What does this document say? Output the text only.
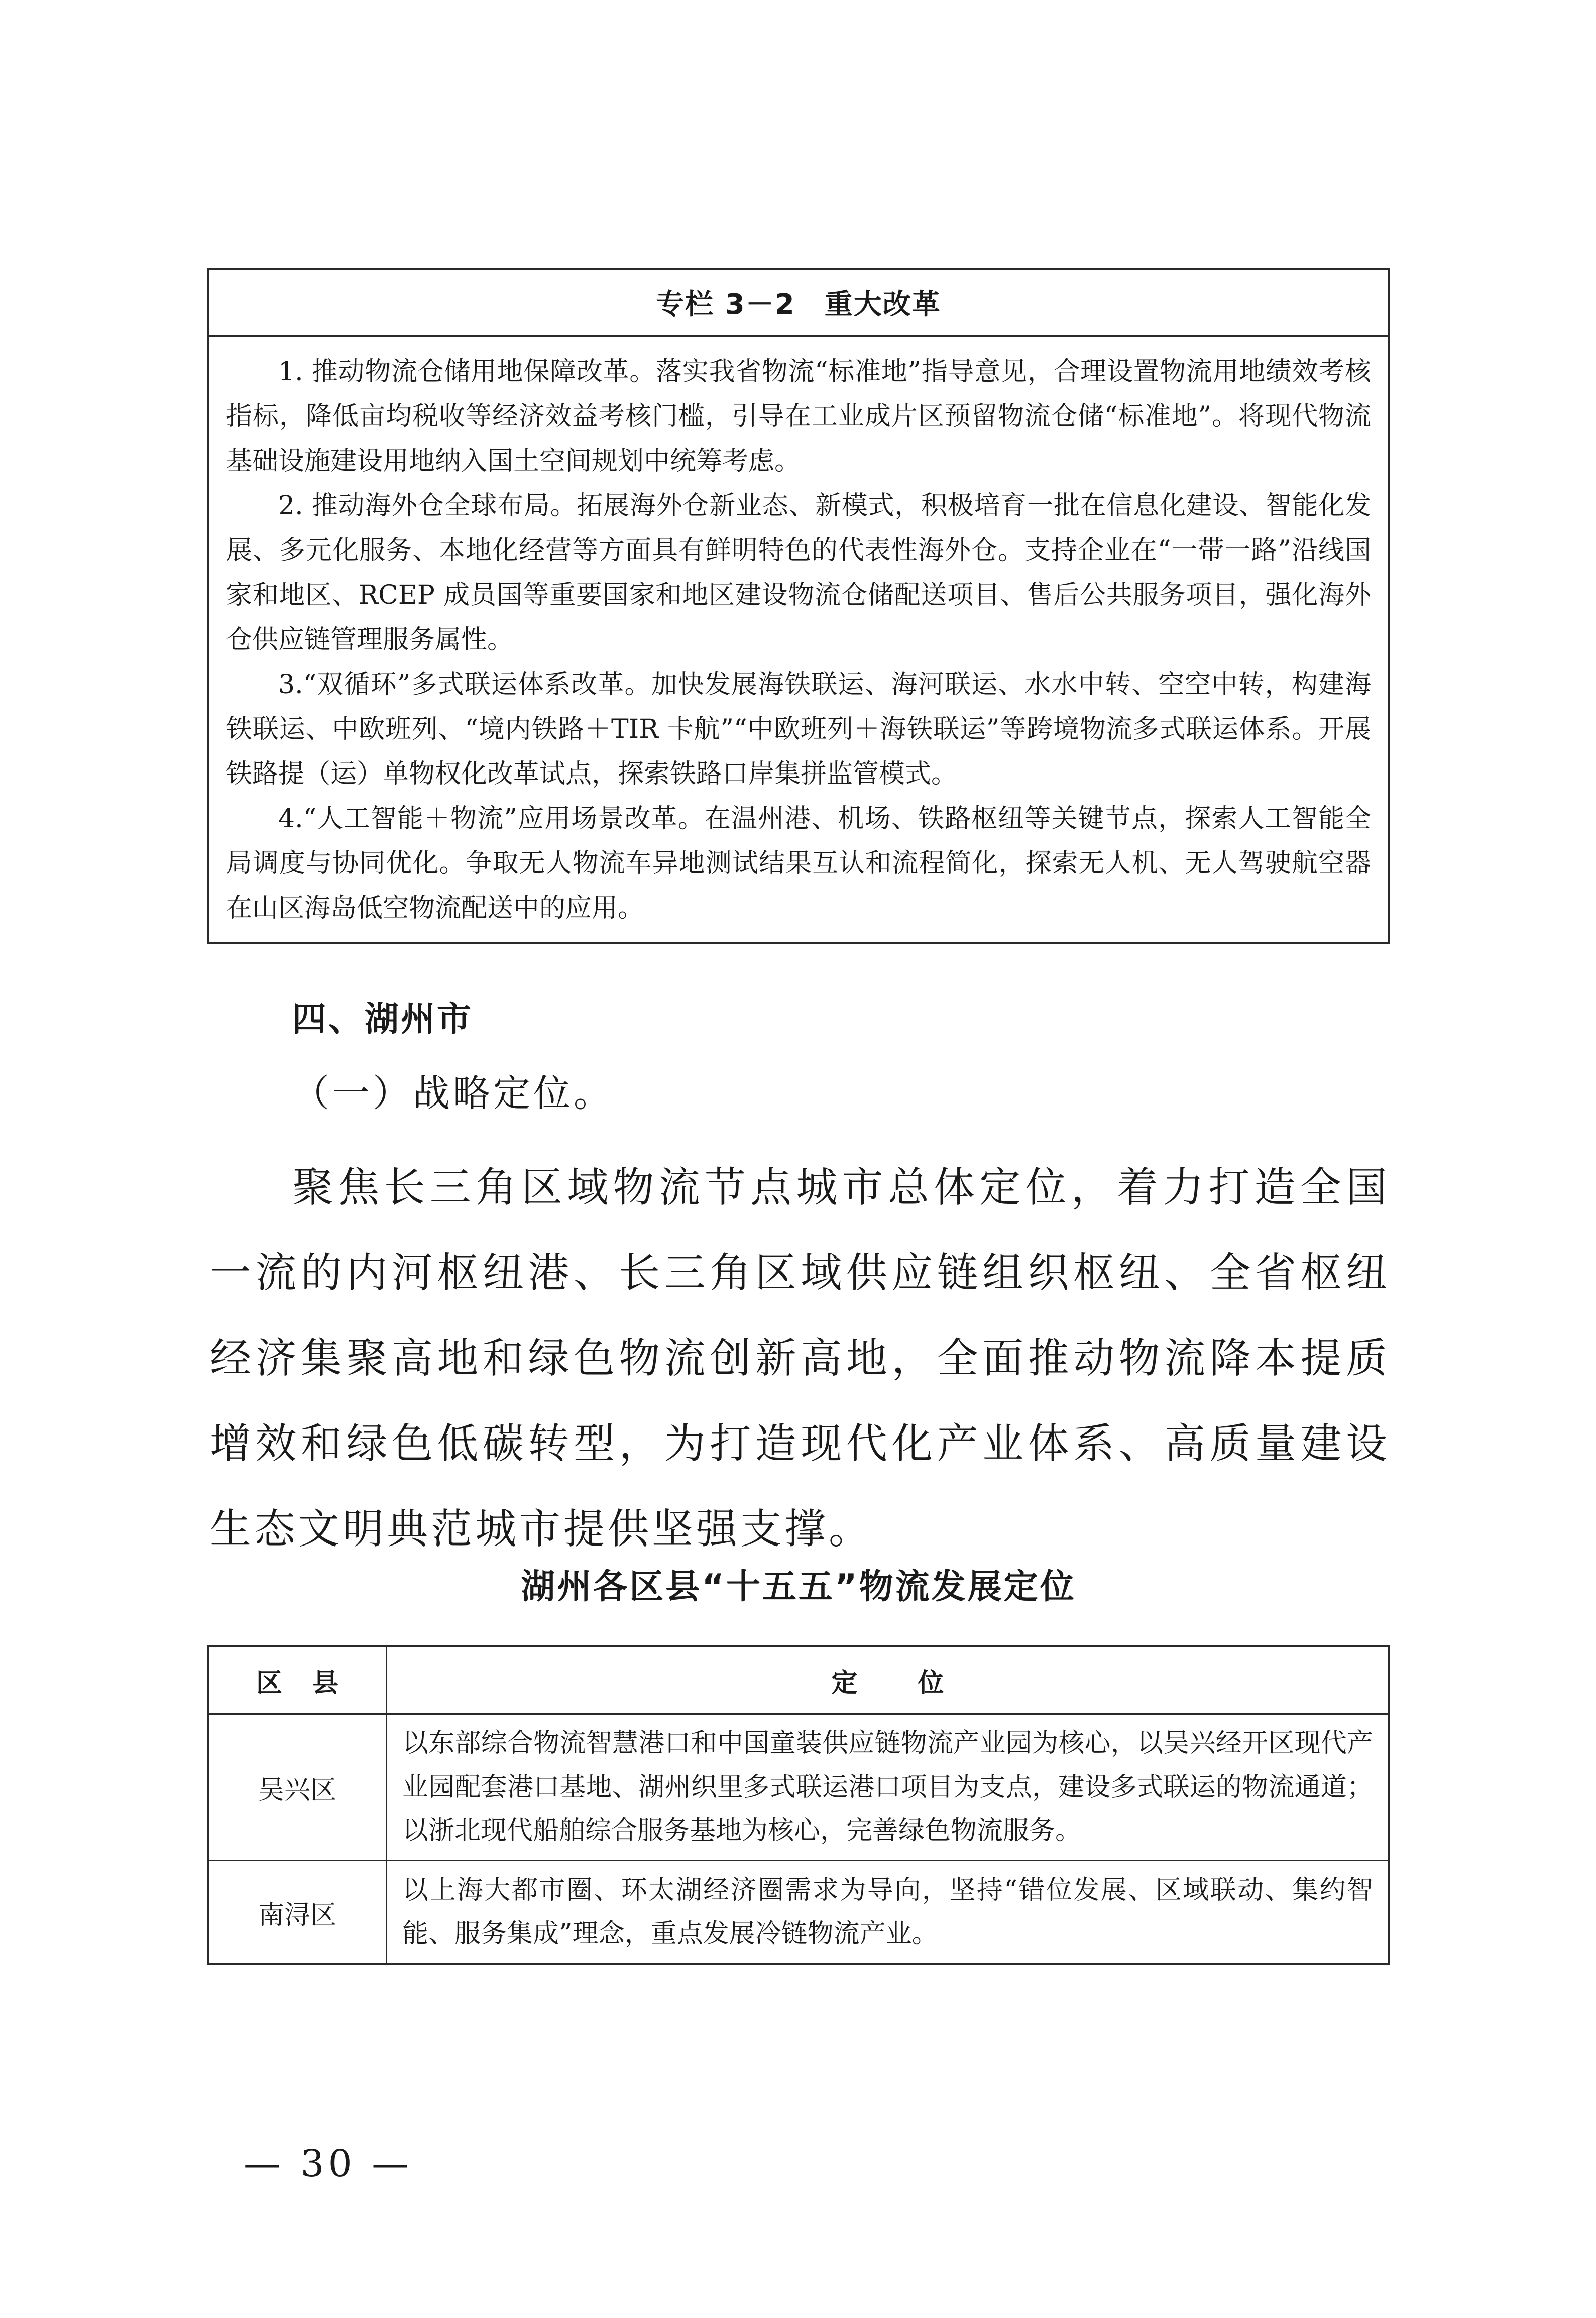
专栏 3－2　重大改革

1. 推动物流仓储用地保障改革。落实我省物流“标准地”指导意见，合理设置物流用地绩效考核指标，降低亩均税收等经济效益考核门槛，引导在工业成片区预留物流仓储“标准地”。将现代物流基础设施建设用地纳入国土空间规划中统筹考虑。

2. 推动海外仓全球布局。拓展海外仓新业态、新模式，积极培育一批在信息化建设、智能化发展、多元化服务、本地化经营等方面具有鲜明特色的代表性海外仓。支持企业在“一带一路”沿线国家和地区、RCEP 成员国等重要国家和地区建设物流仓储配送项目、售后公共服务项目，强化海外仓供应链管理服务属性。

3.“双循环”多式联运体系改革。加快发展海铁联运、海河联运、水水中转、空空中转，构建海铁联运、中欧班列、“境内铁路＋TIR 卡航”“中欧班列＋海铁联运”等跨境物流多式联运体系。开展铁路提（运）单物权化改革试点，探索铁路口岸集拼监管模式。

4.“人工智能＋物流”应用场景改革。在温州港、机场、铁路枢纽等关键节点，探索人工智能全局调度与协同优化。争取无人物流车异地测试结果互认和流程简化，探索无人机、无人驾驶航空器在山区海岛低空物流配送中的应用。

四、湖州市
（一）战略定位。

聚焦长三角区域物流节点城市总体定位，着力打造全国一流的内河枢纽港、长三角区域供应链组织枢纽、全省枢纽经济集聚高地和绿色物流创新高地，全面推动物流降本提质增效和绿色低碳转型，为打造现代化产业体系、高质量建设生态文明典范城市提供坚强支撑。

湖州各区县“十五五”物流发展定位
区县	定位
吴兴区	以东部综合物流智慧港口和中国童装供应链物流产业园为核心，以吴兴经开区现代产业园配套港口基地、湖州织里多式联运港口项目为支点，建设多式联运的物流通道；以浙北现代船舶综合服务基地为核心，完善绿色物流服务。
南浔区	以上海大都市圈、环太湖经济圈需求为导向，坚持“错位发展、区域联动、集约智能、服务集成”理念，重点发展冷链物流产业。
— 30 —
